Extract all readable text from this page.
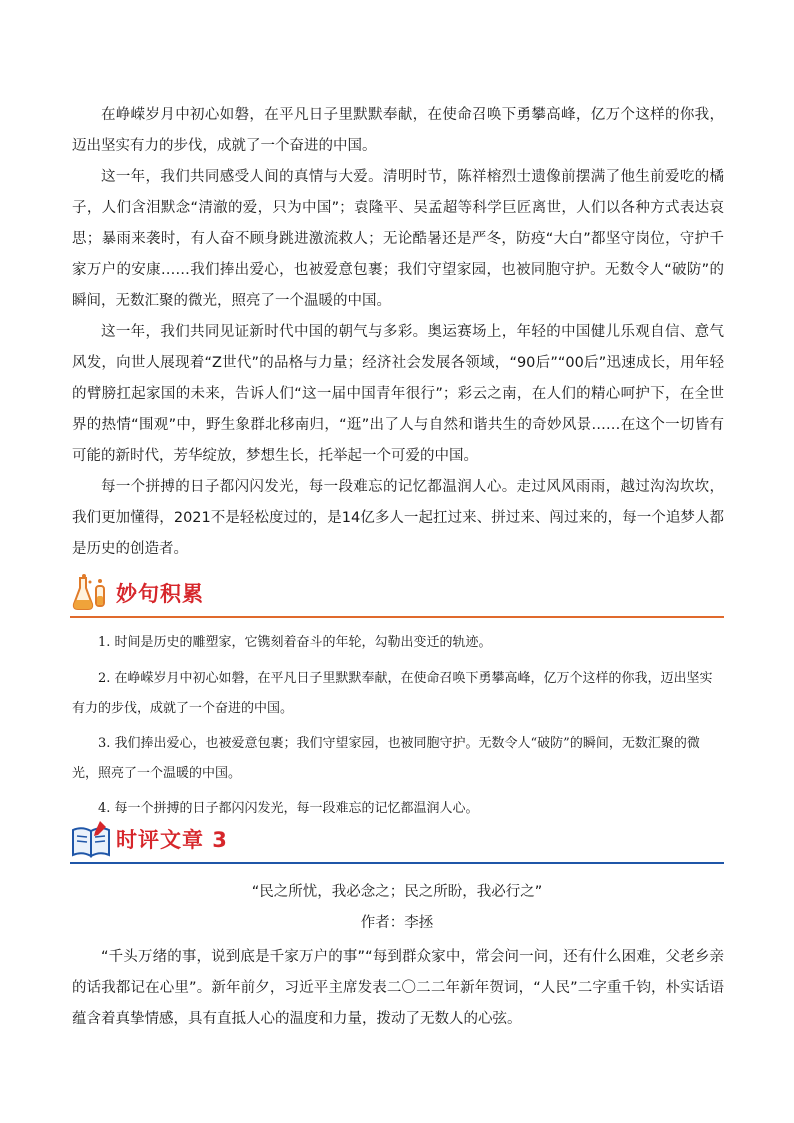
在峥嵘岁月中初心如磐，在平凡日子里默默奉献，在使命召唤下勇攀高峰，亿万个这样的你我，迈出坚实有力的步伐，成就了一个奋进的中国。

这一年，我们共同感受人间的真情与大爱。清明时节，陈祥榕烈士遗像前摆满了他生前爱吃的橘子，人们含泪默念“清澈的爱，只为中国”；袁隆平、吴孟超等科学巨匠离世，人们以各种方式表达哀思；暴雨来袭时，有人奋不顾身跳进激流救人；无论酷暑还是严冬，防疫“大白”都坚守岗位，守护千家万户的安康……我们捧出爱心，也被爱意包裹；我们守望家园，也被同胞守护。无数令人“破防”的瞬间，无数汇聚的微光，照亮了一个温暖的中国。

这一年，我们共同见证新时代中国的朝气与多彩。奥运赛场上，年轻的中国健儿乐观自信、意气风发，向世人展现着“Z世代”的品格与力量；经济社会发展各领域，“90后”“00后”迅速成长，用年轻的臂膀扛起家国的未来，告诉人们“这一届中国青年很行”；彩云之南，在人们的精心呵护下，在全世界的热情“围观”中，野生象群北移南归，“逛”出了人与自然和谐共生的奇妙风景……在这个一切皆有可能的新时代，芳华绽放，梦想生长，托举起一个可爱的中国。

每一个拼搏的日子都闪闪发光，每一段难忘的记忆都温润人心。走过风风雨雨，越过沟沟坎坎，我们更加懂得，2021不是轻松度过的，是14亿多人一起扛过来、拼过来、闯过来的，每一个追梦人都是历史的创造者。

妙句积累
1. 时间是历史的雕塑家，它镌刻着奋斗的年轮，勾勒出变迁的轨迹。
2. 在峥嵘岁月中初心如磐，在平凡日子里默默奉献，在使命召唤下勇攀高峰，亿万个这样的你我，迈出坚实有力的步伐，成就了一个奋进的中国。
3. 我们捧出爱心，也被爱意包裹；我们守望家园，也被同胞守护。无数令人“破防”的瞬间，无数汇聚的微光，照亮了一个温暖的中国。
4. 每一个拼搏的日子都闪闪发光，每一段难忘的记忆都温润人心。
时评文章 3

“民之所忧，我必念之；民之所盼，我必行之”

作者：李拯

“千头万绪的事，说到底是千家万户的事”“每到群众家中，常会问一问，还有什么困难，父老乡亲的话我都记在心里”。新年前夕，习近平主席发表二〇二二年新年贺词，“人民”二字重千钧，朴实话语蕴含着真挚情感，具有直抵人心的温度和力量，拨动了无数人的心弦。
